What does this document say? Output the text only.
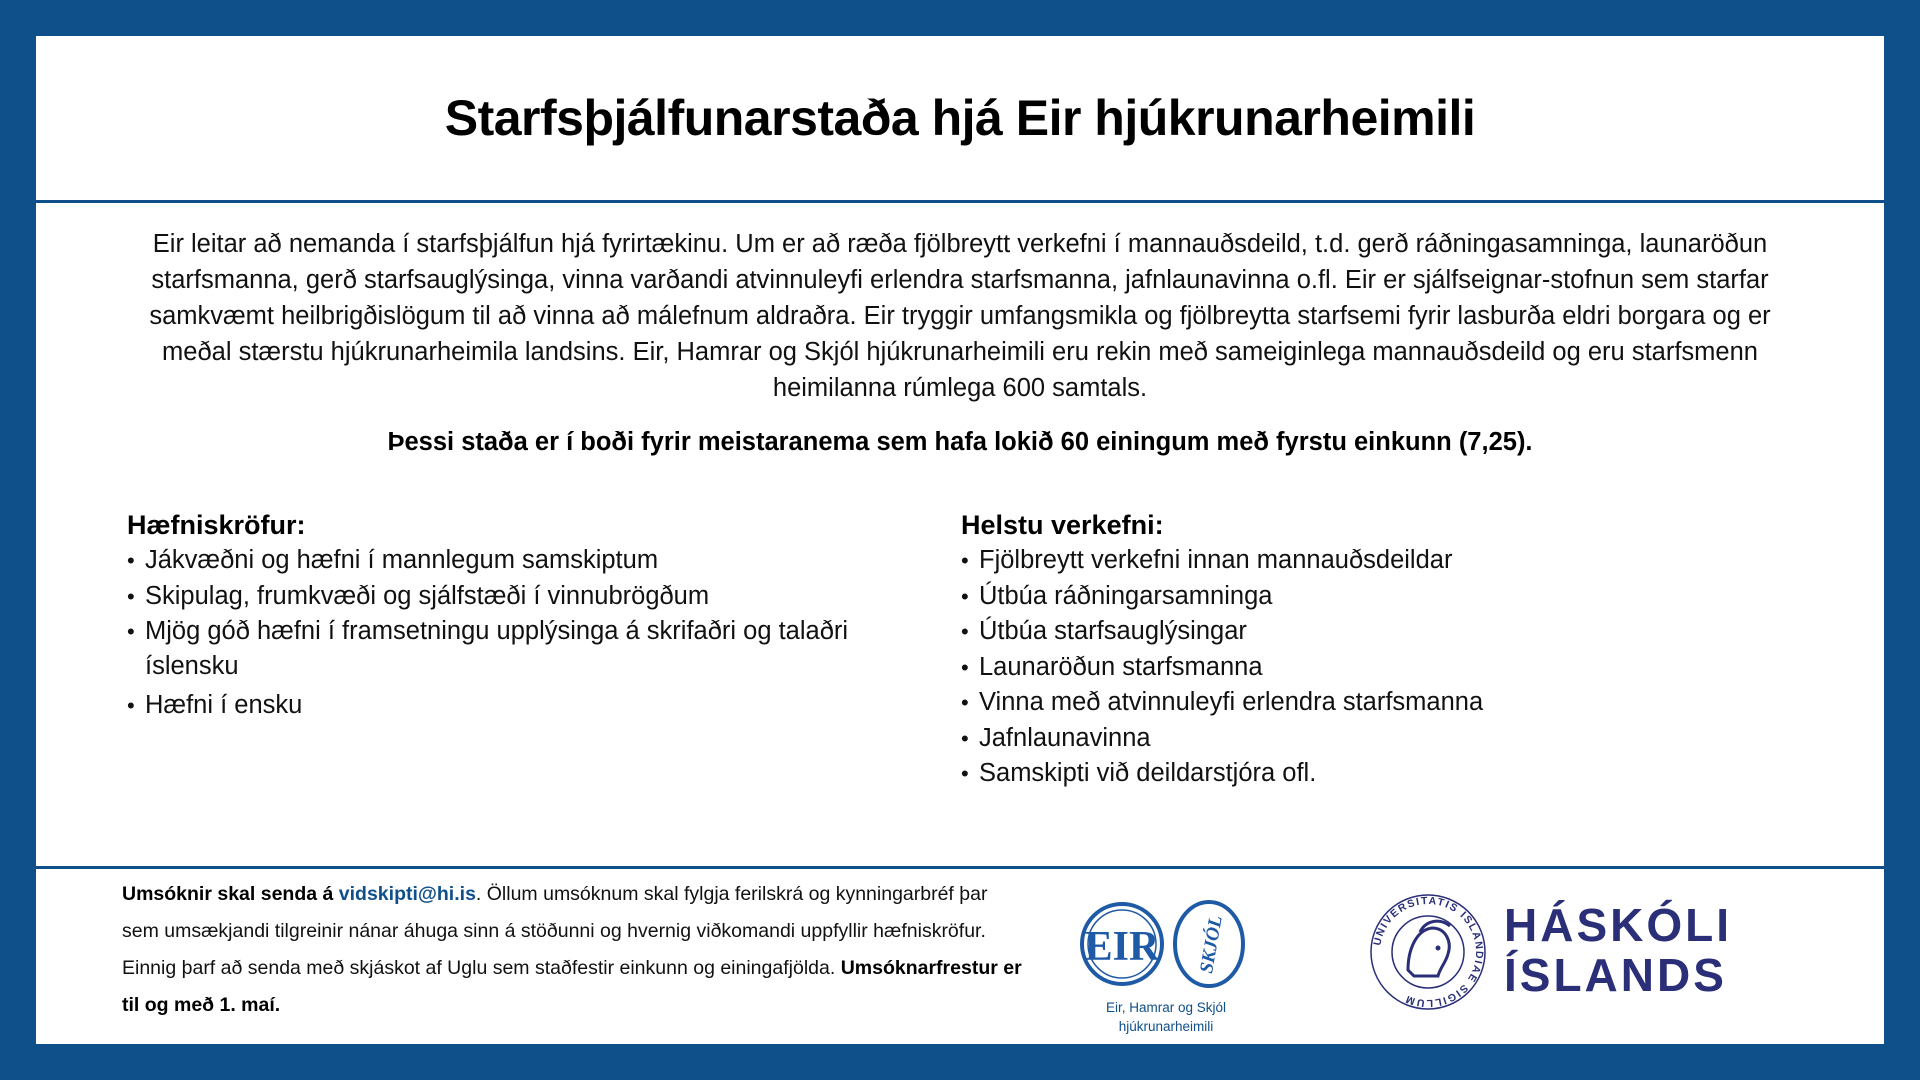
Starfsþjálfunarstaða hjá Eir hjúkrunarheimili

Eir leitar að nemanda í starfsþjálfun hjá fyrirtækinu. Um er að ræða fjölbreytt verkefni í mannauðsdeild, t.d. gerð ráðningasamninga, launaröðun starfsmanna, gerð starfsauglýsinga, vinna varðandi atvinnuleyfi erlendra starfsmanna, jafnlaunavinna o.fl. Eir er sjálfseignar-stofnun sem starfar samkvæmt heilbrigðislögum til að vinna að málefnum aldraðra. Eir tryggir umfangsmikla og fjölbreytta starfsemi fyrir lasburða eldri borgara og er meðal stærstu hjúkrunarheimila landsins. Eir, Hamrar og Skjól hjúkrunarheimili eru rekin með sameiginlega mannauðsdeild og eru starfsmenn heimilanna rúmlega 600 samtals.

Þessi staða er í boði fyrir meistaranema sem hafa lokið 60 einingum með fyrstu einkunn (7,25).

Hæfniskröfur:
• Jákvæðni og hæfni í mannlegum samskiptum
• Skipulag, frumkvæði og sjálfstæði í vinnubrögðum
• Mjög góð hæfni í framsetningu upplýsinga á skrifaðri og talaðri íslensku
• Hæfni í ensku
Helstu verkefni:
• Fjölbreytt verkefni innan mannauðsdeildar
• Útbúa ráðningarsamninga
• Útbúa starfsauglýsingar
• Launaröðun starfsmanna
• Vinna með atvinnuleyfi erlendra starfsmanna
• Jafnlaunavinna
• Samskipti við deildarstjóra ofl.

Umsóknir skal senda á vidskipti@hi.is. Öllum umsóknum skal fylgja ferilskrá og kynningarbréf þar sem umsækjandi tilgreinir nánar áhuga sinn á stöðunni og hvernig viðkomandi uppfyllir hæfniskröfur. Einnig þarf að senda með skjáskot af Uglu sem staðfestir einkunn og einingafjölda. Umsóknarfrestur er til og með 1. maí.

EIR SKJÓL

Eir, Hamrar og Skjól
hjúkrunarheimili

UNIVERSITATIS ISLANDIAE SIGILLUM

HÁSKÓLI
ÍSLANDS
